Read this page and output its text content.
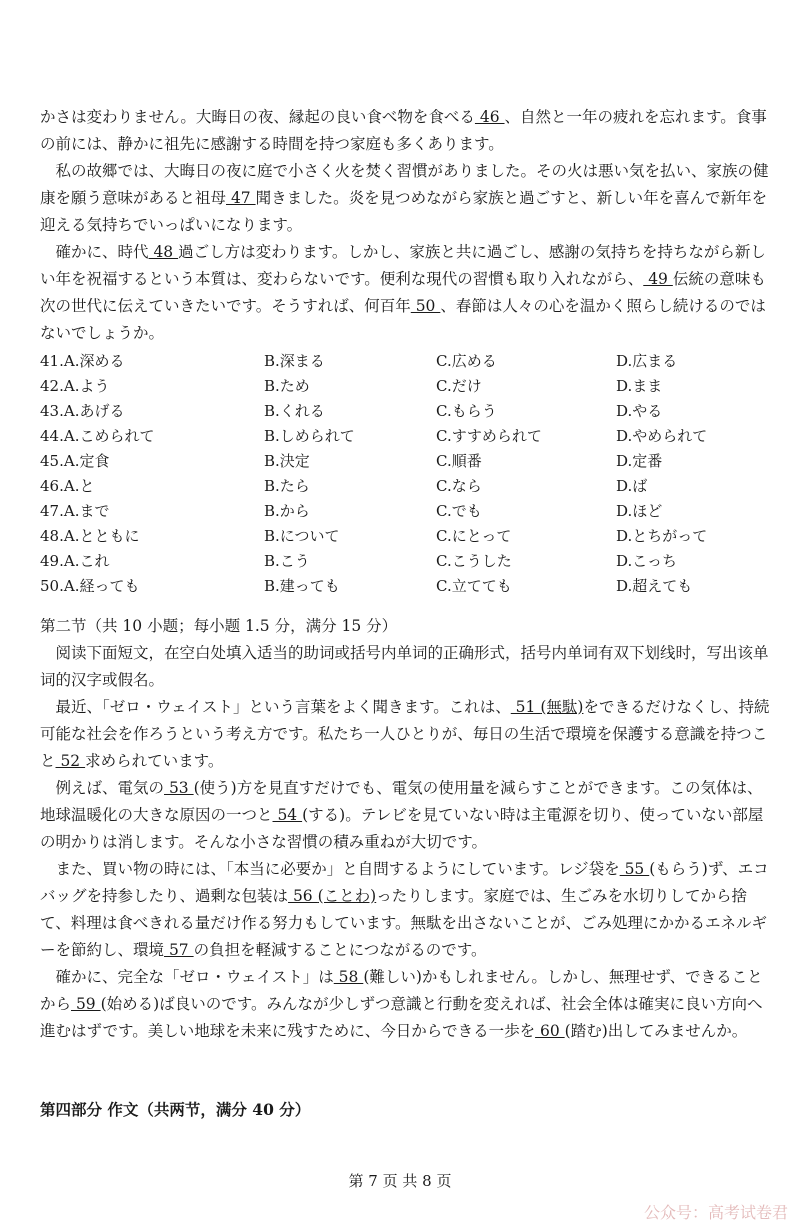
かさは変わりません。大晦日の夜、縁起の良い食べ物を食べる 46 、自然と一年の疲れを忘れます。食事の前には、静かに祖先に感謝する時間を持つ家庭も多くあります。

私の故郷では、大晦日の夜に庭で小さく火を焚く習慣がありました。その火は悪い気を払い、家族の健康を願う意味があると祖母 47 聞きました。炎を見つめながら家族と過ごすと、新しい年を喜んで新年を迎える気持ちでいっぱいになります。

確かに、時代 48 過ごし方は変わります。しかし、家族と共に過ごし、感謝の気持ちを持ちながら新しい年を祝福するという本質は、変わらないです。便利な現代の習慣も取り入れながら、 49 伝統の意味も次の世代に伝えていきたいです。そうすれば、何百年 50 、春節は人々の心を温かく照らし続けるのではないでしょうか。

41.A.深める	B.深まる	C.広める	D.広まる
42.A.よう	B.ため	C.だけ	D.まま
43.A.あげる	B.くれる	C.もらう	D.やる
44.A.こめられて	B.しめられて	C.すすめられて	D.やめられて
45.A.定食	B.決定	C.順番	D.定番
46.A.と	B.たら	C.なら	D.ば
47.A.まで	B.から	C.でも	D.ほど
48.A.とともに	B.について	C.にとって	D.とちがって
49.A.これ	B.こう	C.こうした	D.こっち
50.A.経っても	B.建っても	C.立てても	D.超えても

第二节（共 10 小题；每小题 1.5 分，满分 15 分）

阅读下面短文，在空白处填入适当的助词或括号内单词的正确形式，括号内单词有双下划线时，写出该单词的汉字或假名。

最近、「ゼロ・ウェイスト」という言葉をよく聞きます。これは、 51 (無駄)をできるだけなくし、持続可能な社会を作ろうという考え方です。私たち一人ひとりが、毎日の生活で環境を保護する意識を持つこと 52 求められています。

例えば、電気の 53 (使う)方を見直すだけでも、電気の使用量を減らすことができます。この気体は、地球温暖化の大きな原因の一つと 54 (する)。テレビを見ていない時は主電源を切り、使っていない部屋の明かりは消します。そんな小さな習慣の積み重ねが大切です。

また、買い物の時には、「本当に必要か」と自問するようにしています。レジ袋を 55 (もらう)ず、エコバッグを持参したり、過剰な包装は 56 (ことわ)ったりします。家庭では、生ごみを水切りしてから捨て、料理は食べきれる量だけ作る努力もしています。無駄を出さないことが、ごみ処理にかかるエネルギーを節約し、環境 57 の負担を軽減することにつながるのです。

確かに、完全な「ゼロ・ウェイスト」は 58 (難しい)かもしれません。しかし、無理せず、できることから 59 (始める)ば良いのです。みんなが少しずつ意識と行動を変えれば、社会全体は確実に良い方向へ進むはずです。美しい地球を未来に残すために、今日からできる一歩を 60 (踏む)出してみませんか。

第四部分 作文（共两节，满分 40 分）
第 7 页 共 8 页
公众号：高考试卷君
